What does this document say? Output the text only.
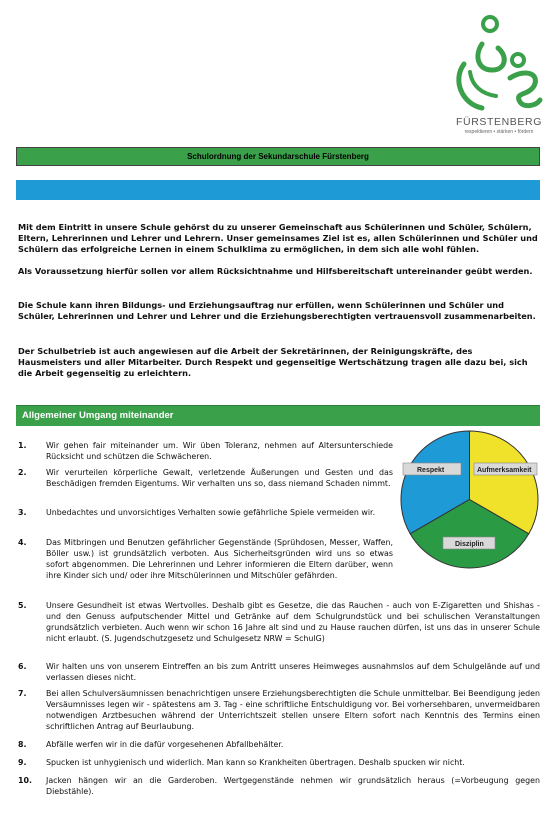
FÜRSTENBERG
respektieren • stärken • fördern
Schulordnung der Sekundarschule Fürstenberg

Mit dem Eintritt in unsere Schule gehörst du zu unserer Gemeinschaft aus Schülerinnen und Schüler, Schülern, Eltern, Lehrerinnen und Lehrer und Lehrern. Unser gemeinsames Ziel ist es, allen Schülerinnen und Schüler und Schülern das erfolgreiche Lernen in einem Schulklima zu ermöglichen, in dem sich alle wohl fühlen.

Als Voraussetzung hierfür sollen vor allem Rücksichtnahme und Hilfsbereitschaft untereinander geübt werden.

Die Schule kann ihren Bildungs- und Erziehungsauftrag nur erfüllen, wenn Schülerinnen und Schüler und Schüler, Lehrerinnen und Lehrer und Lehrer und die Erziehungsberechtigten vertrauensvoll zusammenarbeiten.

Der Schulbetrieb ist auch angewiesen auf die Arbeit der Sekretärinnen, der Reinigungskräfte, des Hausmeisters und aller Mitarbeiter. Durch Respekt und gegenseitige Wertschätzung tragen alle dazu bei, sich die Arbeit gegenseitig zu erleichtern.

Allgemeiner Umgang miteinander
Respekt	Aufmerksamkeit
Disziplin
1.	Wir gehen fair miteinander um. Wir üben Toleranz, nehmen auf Altersunterschiede Rücksicht und schützen die Schwächeren.
2.	Wir verurteilen körperliche Gewalt, verletzende Äußerungen und Gesten und das Beschädigen fremden Eigentums. Wir verhalten uns so, dass niemand Schaden nimmt.
3.	Unbedachtes und unvorsichtiges Verhalten sowie gefährliche Spiele vermeiden wir.
4.	Das Mitbringen und Benutzen gefährlicher Gegenstände (Sprühdosen, Messer, Waffen, Böller usw.) ist grundsätzlich verboten. Aus Sicherheitsgründen wird uns so etwas sofort abgenommen. Die Lehrerinnen und Lehrer informieren die Eltern darüber, wenn ihre Kinder sich und/ oder ihre Mitschülerinnen und Mitschüler gefährden.
5.	Unsere Gesundheit ist etwas Wertvolles. Deshalb gibt es Gesetze, die das Rauchen - auch von E-Zigaretten und Shishas - und den Genuss aufputschender Mittel und Getränke auf dem Schulgrundstück und bei schulischen Veranstaltungen grundsätzlich verbieten. Auch wenn wir schon 16 Jahre alt sind und zu Hause rauchen dürfen, ist uns das in unserer Schule nicht erlaubt. (S. Jugendschutzgesetz und Schulgesetz NRW = SchulG)
6.	Wir halten uns von unserem Eintreffen an bis zum Antritt unseres Heimweges ausnahmslos auf dem Schulgelände auf und verlassen dieses nicht.
7.	Bei allen Schulversäumnissen benachrichtigen unsere Erziehungsberechtigten die Schule unmittelbar. Bei Beendigung jeden Versäumnisses legen wir - spätestens am 3. Tag - eine schriftliche Entschuldigung vor. Bei vorhersehbaren, unvermeidbaren notwendigen Arztbesuchen während der Unterrichtszeit stellen unsere Eltern sofort nach Kenntnis des Termins einen schriftlichen Antrag auf Beurlaubung.
8.	Abfälle werfen wir in die dafür vorgesehenen Abfallbehälter.
9.	Spucken ist unhygienisch und widerlich. Man kann so Krankheiten übertragen. Deshalb spucken wir nicht.
10.	Jacken hängen wir an die Garderoben. Wertgegenstände nehmen wir grundsätzlich heraus (=Vorbeugung gegen Diebstähle).
